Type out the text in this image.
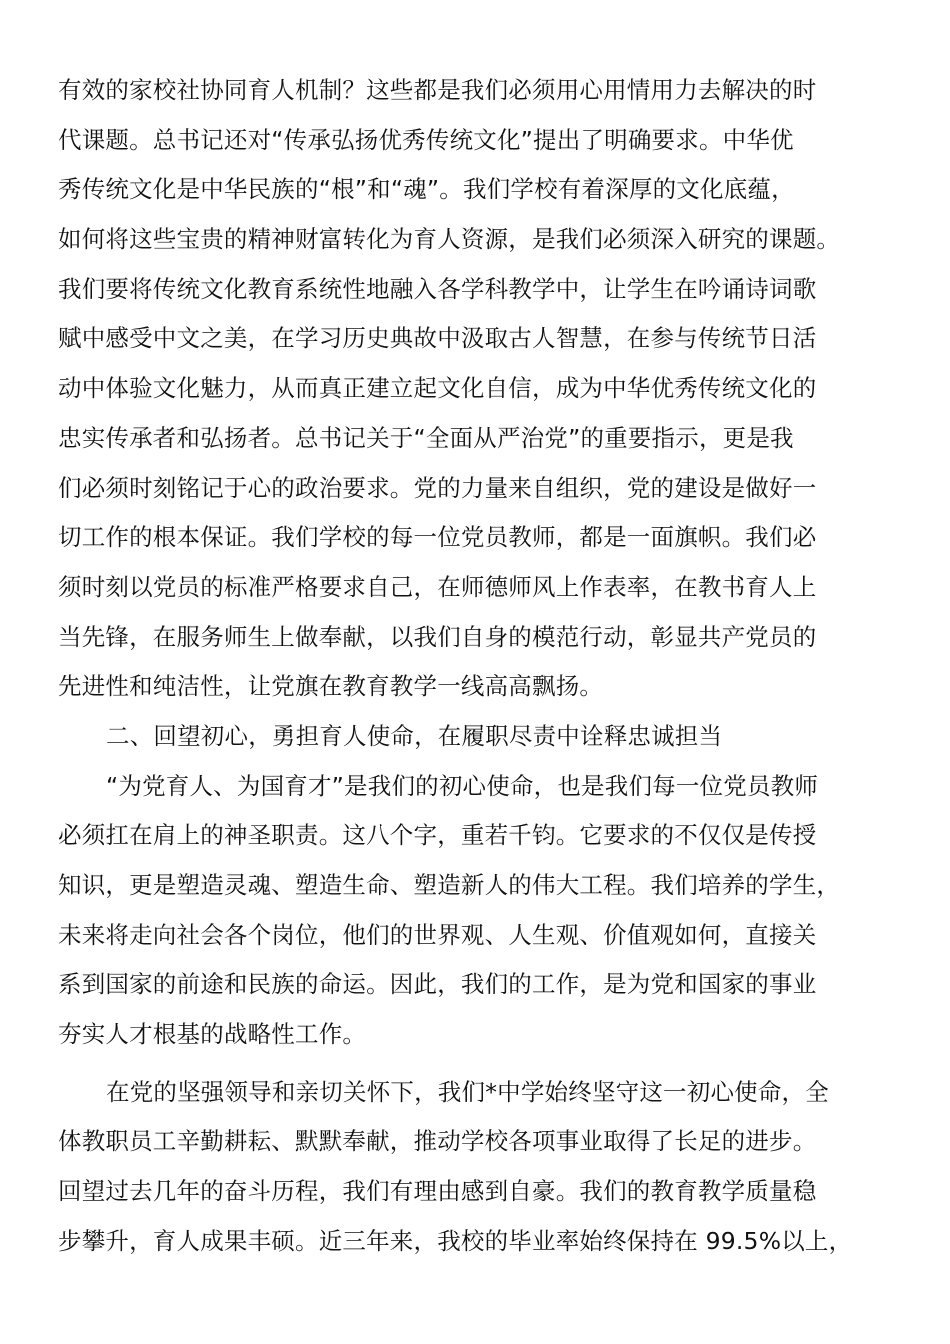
有效的家校社协同育人机制？这些都是我们必须用心用情用力去解决的时
代课题。总书记还对“传承弘扬优秀传统文化”提出了明确要求。中华优
秀传统文化是中华民族的“根”和“魂”。我们学校有着深厚的文化底蕴，
如何将这些宝贵的精神财富转化为育人资源，是我们必须深入研究的课题。
我们要将传统文化教育系统性地融入各学科教学中，让学生在吟诵诗词歌
赋中感受中文之美，在学习历史典故中汲取古人智慧，在参与传统节日活
动中体验文化魅力，从而真正建立起文化自信，成为中华优秀传统文化的
忠实传承者和弘扬者。总书记关于“全面从严治党”的重要指示，更是我
们必须时刻铭记于心的政治要求。党的力量来自组织，党的建设是做好一
切工作的根本保证。我们学校的每一位党员教师，都是一面旗帜。我们必
须时刻以党员的标准严格要求自己，在师德师风上作表率，在教书育人上
当先锋，在服务师生上做奉献，以我们自身的模范行动，彰显共产党员的
先进性和纯洁性，让党旗在教育教学一线高高飘扬。
二、回望初心，勇担育人使命，在履职尽责中诠释忠诚担当
“为党育人、为国育才”是我们的初心使命，也是我们每一位党员教师
必须扛在肩上的神圣职责。这八个字，重若千钧。它要求的不仅仅是传授
知识，更是塑造灵魂、塑造生命、塑造新人的伟大工程。我们培养的学生，
未来将走向社会各个岗位，他们的世界观、人生观、价值观如何，直接关
系到国家的前途和民族的命运。因此，我们的工作，是为党和国家的事业
夯实人才根基的战略性工作。
在党的坚强领导和亲切关怀下，我们*中学始终坚守这一初心使命，全
体教职员工辛勤耕耘、默默奉献，推动学校各项事业取得了长足的进步。
回望过去几年的奋斗历程，我们有理由感到自豪。我们的教育教学质量稳
步攀升，育人成果丰硕。近三年来，我校的毕业率始终保持在 99.5%以上，
